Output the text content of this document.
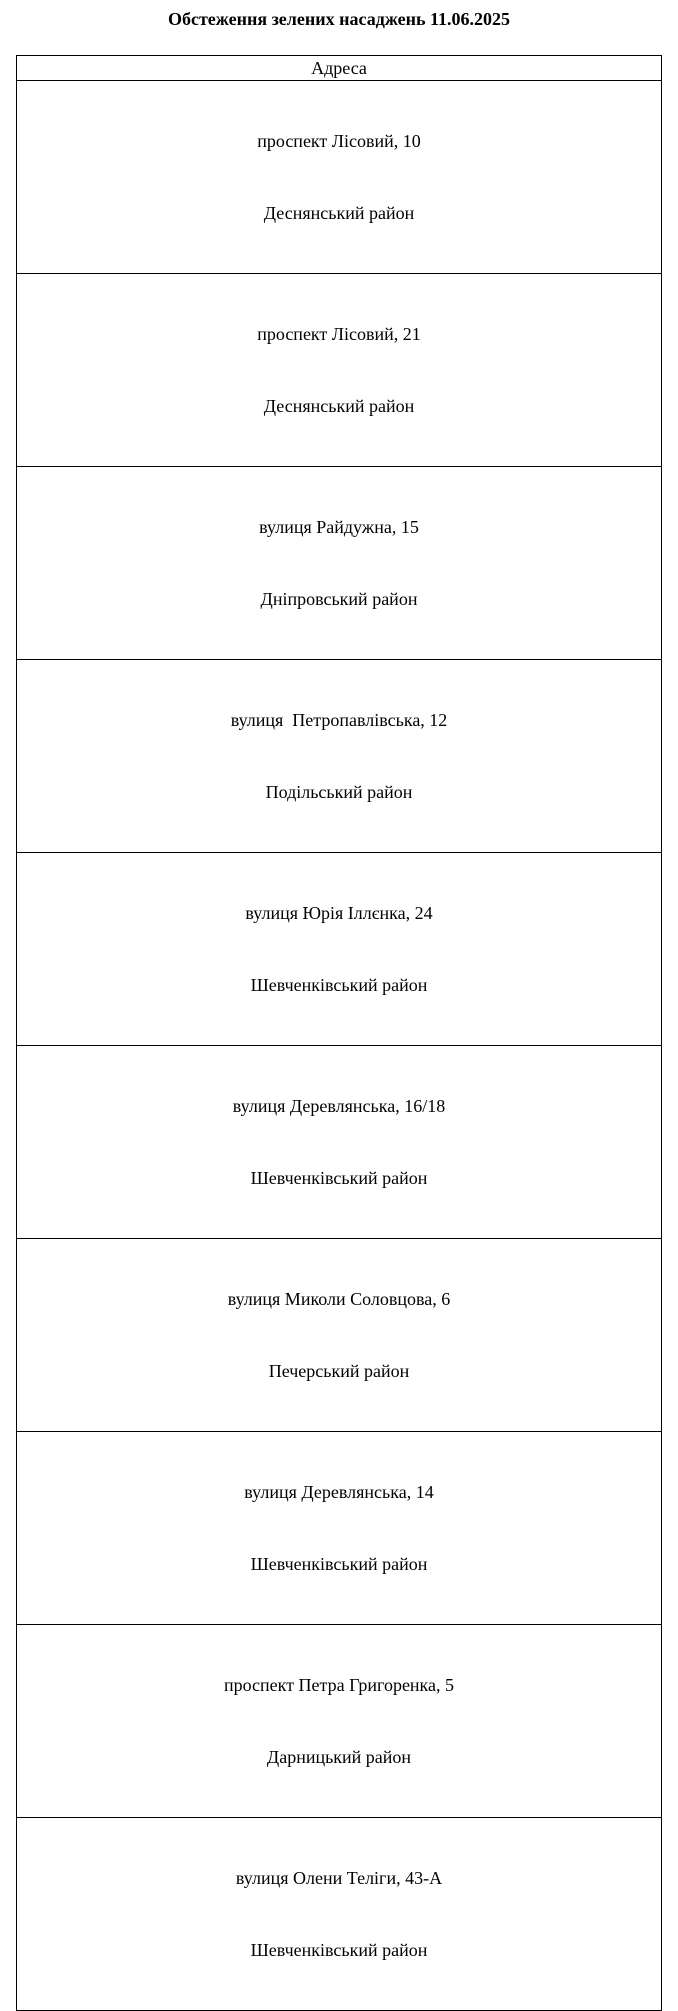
Обстеження зелених насаджень 11.06.2025
Адреса

проспект Лісовий, 10

Деснянський район

проспект Лісовий, 21

Деснянський район

вулиця Райдужна, 15

Дніпровський район

вулиця  Петропавлівська, 12

Подільський район

вулиця Юрія Іллєнка, 24

Шевченківський район

вулиця Деревлянська, 16/18

Шевченківський район

вулиця Миколи Соловцова, 6

Печерський район

вулиця Деревлянська, 14

Шевченківський район

проспект Петра Григоренка, 5

Дарницький район

вулиця Олени Теліги, 43-А

Шевченківський район
